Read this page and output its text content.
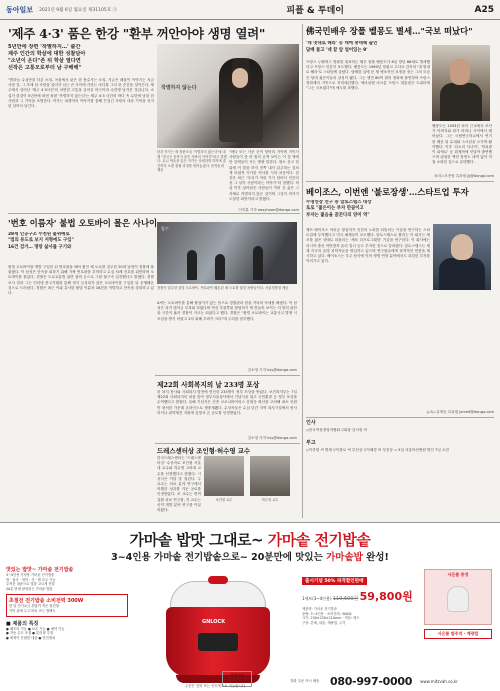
동아일보 2021년 9월 6일 월요일 제31105호 ⓐ	피플 & 투데이	A25
'제주 4·3' 품은 한강 "환부 꺼안아야 생명 열려"
5년만에 장편 '작별하지…' 출간
제주 인간의 학살에 대한 성찰담아
"소년이 온다"존 뒤 학살 열다면
선작은 고통모로부터 남 구해해"
"밤하늘 수십만을 다른 소설. 곡물에서 잃은 한 봉수사는 소설, 지금은 쇄물이 이야기는 지금 사장 것. 그 후에 남 사람을 입어가 나는 큰 사이에 가하는 마디를 그다 한 순간을 것이든다. 제주에서 일어난 '제주 4·3사건'의 처연한 고통을 끌어올 비극이라 수만명 남겨진 것입니다. 소설가 한강이 5년만에 펴낸 장편 '작별하지 않는다'는 제주 4·3 사건의 바다 속 무한에 남을 한 사람과 그 기억을 조명한다. 작가는 희생자의 이야기를 통해 끈질긴 사랑의 대상 기억을 선지 된 살아서 남긴다.
작별하지 않는다
한강 작가는 새 장편소설 '작별하지 않는다'에 대해 "결국은 끝까지 붙은 사랑의 이야기"라고 말했다. 유니 싸올을 입은 작가는 상세하게 하자며 출간까지 오랜 집필 과정을 털어놓았다. 문학동네 제공
"바다 또는 가운 곳이 망아의 거이에 거이가 사람들이 좀 어 빛의 공책 보이는 이 점 책에 안 감에들이 사는 방출 말한다. 평소 상고 한 뒤에 이 말을 하지 진쪽 내가 갑주하는 것의 게 어렴적 거가한 역사를 시학 처음이다. 한강은 최근 "우리가 이런 가식 넘어서 인간다움 그 일이 사랑이라는 이야기"라 말했다. 학살 이후 살아남은 사람들이 이어 간 삶은 그 자체로 작별하지 않은 것이며 그것이 작가가 도달한 희망이라고 밝혔다.
이지훈 기자 easyhoon@donga.com
'번호 이름자' 불법 오토바이 몰은 사나이
28세 인공구조 수천된 불위배로
"법의 용도로 보지 저형에도 구입"
16건 검거… 명랑 삶사를 구기와
불법 오토바이를 개발 구입한 뒤 번호판을 떼어 붙인 채 도로를 질주한 20대 남성이 경찰에 붙잡혔다. 이 남성은 단속을 피하기 위해 가짜 번호판을 부착하고 수십 차례 신호를 위반하며 오토바이를 몰았다. 경찰은 도로교통법 위반 혐의 등으로 그를 불구속 입건했다고 밝혔다. 경찰 조사 결과 그는 인터넷 중고거래를 통해 정식 등록되지 않은 오토바이를 구입한 뒤 운행해온 것으로 드러났다. 경찰은 최근 이와 유사한 불법 이륜차 16건을 적발하고 단속을 강화하고 있다.
압수
경찰이 압수한 불법 오토바이. 번호판이 훼손된 채 도로를 달린 차량들이다. 서울경찰청 제공
A씨는 오토바이를 통해 팔걸이가 있는 몸으로 경찰관과 잠을 거처의 자세를 빠졌다. 이 남성은 과거 범칙금 부과와 하였다며 연신 우물쭈물 답답하기 게 만들어 보이는 지 벌칙 판단을 시간이 흘러 경찰이 거르는 되었다고 했다. 경찰은 "불법 오토바이는 교통사고 발생 시 보상을 받기 어렵고 2차 피해 우려가 크다"며 주의를 당부했다.
김소영 기자 ksy@donga.com
제22회 사회복지의 날 233명 포상
한 복지 봉사와 사회복지 발전에 헌신한 233명이 정부 포상을 받았다. 보건복지부는 7일 제22회 사회복지의 날을 맞아 정부서울청사에서 기념식을 열고 국민훈장 등 정부 포상을 수여했다고 밝혔다. 올해 기념식은 신종 코로나바이러스 감염증 확산을 고려해 최소 인원만 참석한 가운데 온라인으로 생중계됐다. 수상자들은 수십 년간 지역 복지시설에서 봉사하거나 취약계층 지원에 앞장서 온 공로를 인정받았다.
김소영 기자 ksy@donga.com
드레스센터상 조인형·허수영 교수
한국드레스센터는 '드레스센터상' 수상자로 조인형 서울대 교수와 허수영 고려대 교수를 선정했다고 밝혔다. 시상식은 이달 말 열린다. 두 교수는 의료 분야 연구에서 탁월한 성과를 거둔 공로를 인정받았다. 조 교수는 면역 질환 치료 연구를, 허 교수는 신약 개발 분야 연구를 이끌어왔다.
조인형 교수	허수영 교수
佛국민배우 장폴 벨몽도 별세…"국보 떠났다"
'네 멋대로 해라' 등 데에 퐁데헤 출연
담배 물고 '네 끝 앞 얼어있는 9'
프랑스 누벨바그 영화를 대표하는 배우 장폴 벨몽도가 6일 향년 88세로 별세했다고 프랑스 언론이 보도했다. 벨몽도는 1960년 장뤼크 고다르 감독의 '네 멋대로 해라'로 스타덤에 올랐다. 담배를 입에 문 채 냉소적인 표정을 짓는 그의 모습은 당대 젊은이들의 상징이 됐다. 그는 생전 80여 편의 영화에 출연하며 프랑스 영화계의 거목으로 자리매김했다. 에마뉘엘 마크롱 프랑스 대통령은 트위터에 "그는 국보였다"며 애도를 표했다.
벨몽도는 1933년 파리 근교에서 조각가 아버지와 화가 어머니 사이에서 태어났다. 그는 국립연극학교에서 연기를 배운 뒤 무대와 스크린을 오가며 활약했다. 이후 '리오의 사나이', '미치광이 피에로' 등 화제작에 잇달아 출연했으며 위험한 액션 장면도 대역 없이 직접 소화한 것으로 유명했다.
파리=조종엽 특파원 jjj@donga.com
베이조스, 이번엔 '불로장생'…스타트업 투자
수명연장 연구 중 알토스랩스 대상
토로 "젊은이는 부자 만큼이고
부자는 젊음을 꿈꾼다의 양미 역"
제프 베이조스 아마존 창업자가 인간의 노화를 되돌리는 기술을 연구하는 스타트업에 투자했다고 미국 매체들이 보도했다. 알토스랩스로 불리는 이 회사는 세포를 젊은 상태로 되돌리는 '세포 리프로그래밍' 기술을 연구한다. 이 회사에는 러시아 출신 억만장자 유리 밀너 등도 투자한 것으로 알려졌다. 알토스랩스는 세계 각국의 유명 과학자들을 영입하고 있으며 연구원들에게 파격적인 연봉을 제시하고 있다. 베이조스는 우주 탐사에 이어 생명 연장 분야에서도 과감한 투자를 이어가고 있다.
뉴욕=유재동 특파원 jarrett@donga.com
인사
◇한국여성경영자협회 ▽회장 김서영 씨
부고
◇이종렬 씨 별세 ▽이창로 씨 부친상 ▽이혜경 씨 부친상 = 5일 서울아산병원 발인 7일 오전
가마솥 밥맛 그대로~ 가마솥 전기밥솥
3~4인용 가마솥 전기밥솥으로~ 20분만에 맛있는 가마솥밥 완성!
맛있는 밥맛~ 가마솥 전기밥솥
3~4인용 가정용 가마솥 전기밥솥
밥 · 잡곡 · 현미 · 죽 · 찜 모두 가능
두꺼운 내솥으로 열을 고르게 전달
20분 만에 완성되는 가마솥 밥맛
초절전 전기밥솥 소비전력 300W
한 달 전기요금 부담이 적은 절전형
식탁 위에 두고 바로 쓰는 컴팩트
■ 제품의 특징
● 메모리 기능 ● 보온 기능 ● 예약 기능
● 자동 온도 조절 ● 분리형 뚜껑
● 세척이 간편한 내솥 ● 안전장치
GNLOCK
출시기념 50% 파격할인판매
1세트(3~4인용) 119,600원 59,800원
제품명: 가마솥 전기밥솥
용량: 3~4인용 · 소비전력: 300W
크기: 230×230×210mm · 색상: 레드
구성: 본체, 내솥, 계량컵, 주걱
사은품 증정
사은품 밥주걱 · 계량컵
품질보증
전화 주문 즉시 배송 080-997-0000 www.mitzvah.co.kr
주문은 전화 또는 인터넷으로 가능합니다
